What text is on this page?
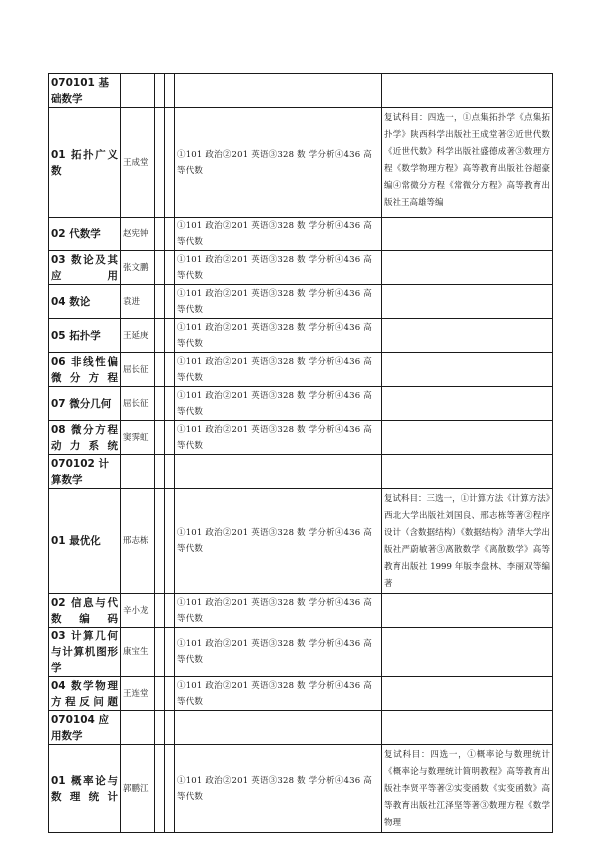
070101 基础数学					
01 拓扑广义数	王成堂			①101 政治②201 英语③328 数 学分析④436 高等代数	复试科目：四选一，①点集拓扑学《点集拓扑学》陕西科学出版社王成堂著②近世代数《近世代数》科学出版社盛德成著③数理方程《数学物理方程》高等教育出版社谷超豪编④常微分方程《常微分方程》高等教育出版社王高雄等编
02 代数学	赵宪钟			①101 政治②201 英语③328 数 学分析④436 高等代数	
03 数论及其应用	张文鹏			①101 政治②201 英语③328 数 学分析④436 高等代数	
04 数论	袁进			①101 政治②201 英语③328 数 学分析④436 高等代数	
05 拓扑学	王延庚			①101 政治②201 英语③328 数 学分析④436 高等代数	
06 非线性偏微分方程	屈长征			①101 政治②201 英语③328 数 学分析④436 高等代数	
07 微分几何	屈长征			①101 政治②201 英语③328 数 学分析④436 高等代数	
08 微分方程动力系统	窦霁虹			①101 政治②201 英语③328 数 学分析④436 高等代数	
070102 计算数学					
01 最优化	邢志栋			①101 政治②201 英语③328 数 学分析④436 高等代数	复试科目：三选一，①计算方法《计算方法》西北大学出版社刘国良、邢志栋等著②程序设计（含数据结构）《数据结构》清华大学出版社严蔚敏著③离散数学《离散数学》高等教育出版社 1999 年版李盘林、李丽双等编著
02 信息与代数编码	辛小龙			①101 政治②201 英语③328 数 学分析④436 高等代数	
03 计算几何与计算机图形学	康宝生			①101 政治②201 英语③328 数 学分析④436 高等代数	
04 数学物理方程反问题	王连堂			①101 政治②201 英语③328 数 学分析④436 高等代数	
070104 应用数学					
01 概率论与数理统计	郭鹏江			①101 政治②201 英语③328 数 学分析④436 高等代数	复试科目：四选一，①概率论与数理统计《概率论与数理统计简明教程》高等教育出版社李贤平等著②实变函数《实变函数》高等教育出版社江泽坚等著③数理方程《数学物理
